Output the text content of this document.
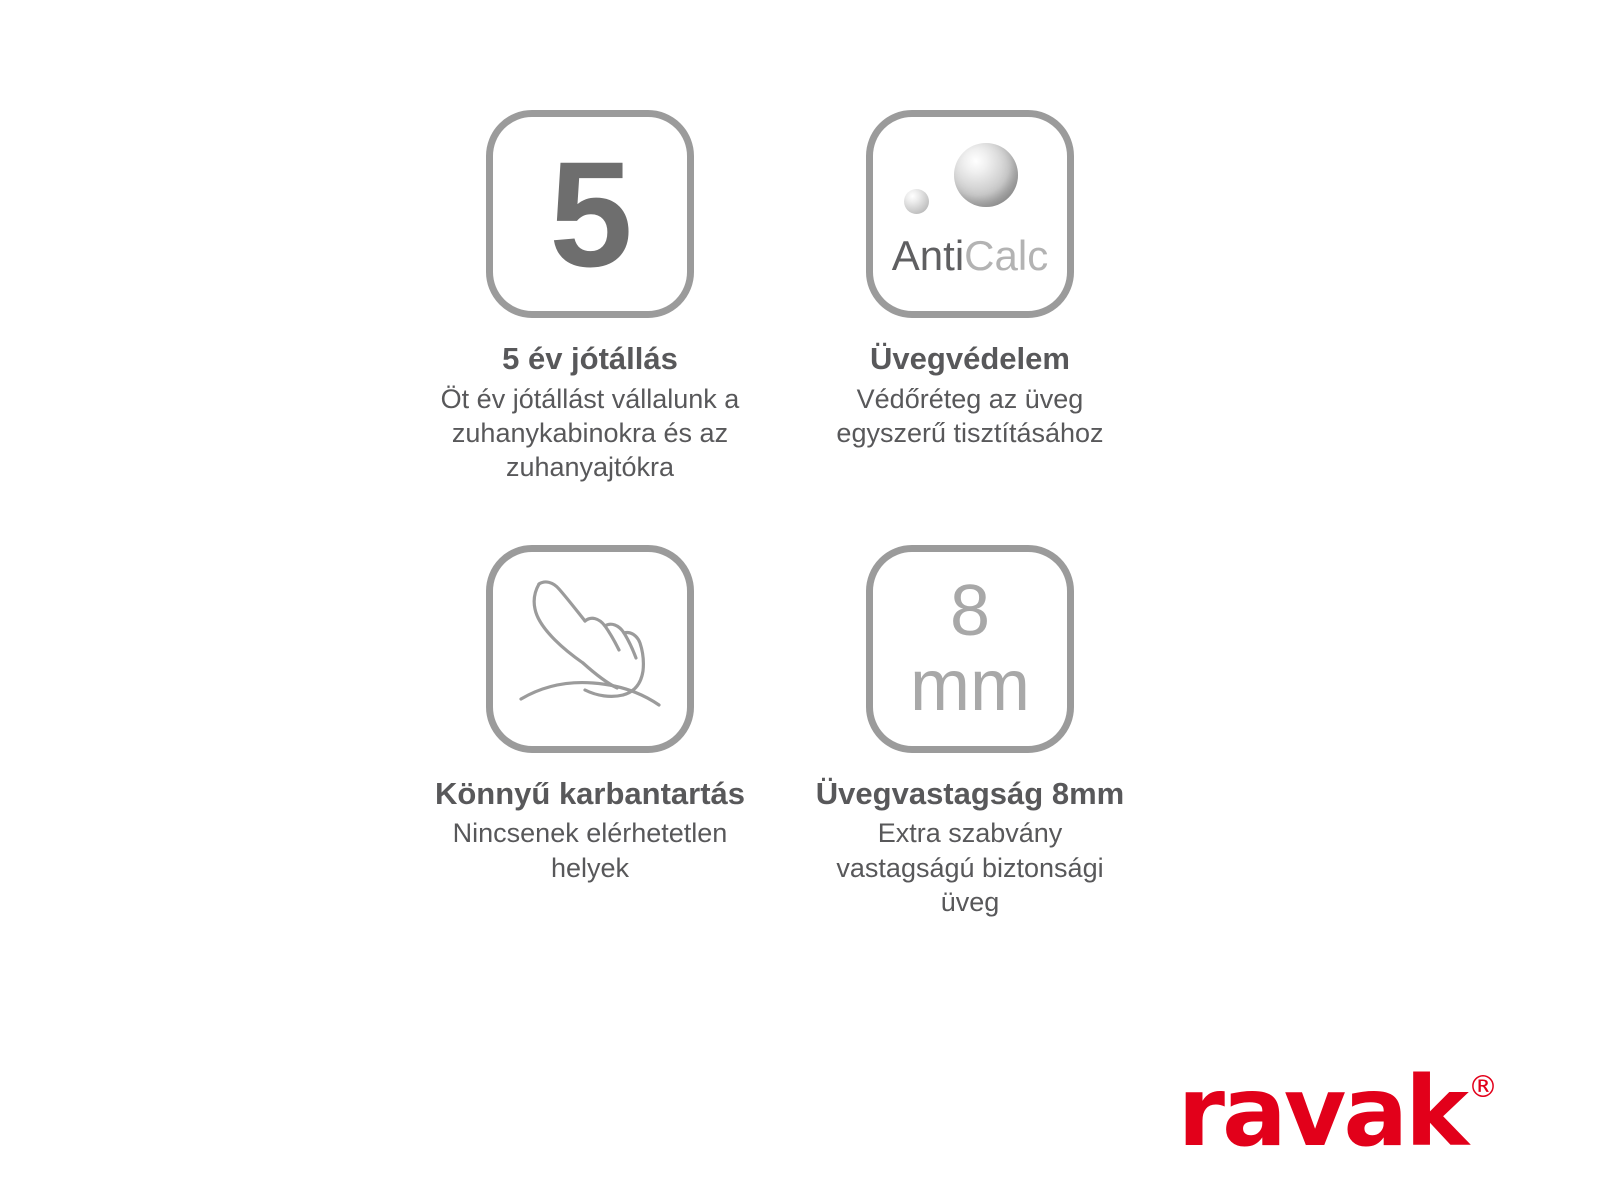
5

5 év jótállás

Öt év jótállást vállalunk a zuhanykabinokra és az zuhanyajtókra

AntiCalc

Üvegvédelem

Védőréteg az üveg egyszerű tisztításához

Könnyű karbantartás

Nincsenek elérhetetlen helyek

8
mm

Üvegvastagság 8mm

Extra szabvány vastagságú biztonsági üveg

ravak ®
